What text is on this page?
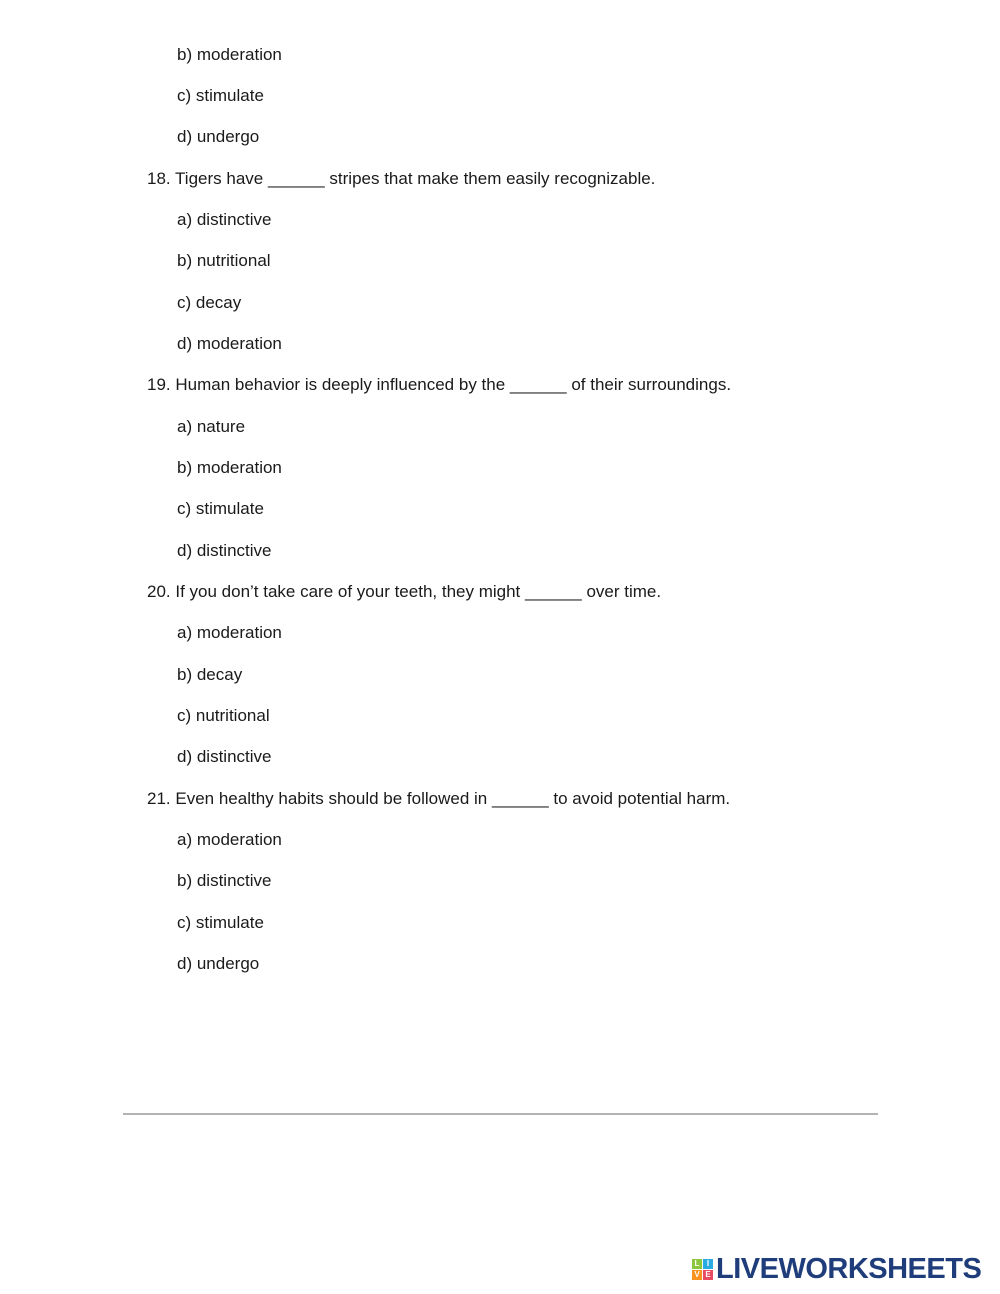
b) moderation
c) stimulate
d) undergo
18. Tigers have ______ stripes that make them easily recognizable.
a) distinctive
b) nutritional
c) decay
d) moderation
19. Human behavior is deeply influenced by the ______ of their surroundings.
a) nature
b) moderation
c) stimulate
d) distinctive
20. If you don’t take care of your teeth, they might ______ over time.
a) moderation
b) decay
c) nutritional
d) distinctive
21. Even healthy habits should be followed in ______ to avoid potential harm.
a) moderation
b) distinctive
c) stimulate
d) undergo
L I
V E LIVEWORKSHEETS
